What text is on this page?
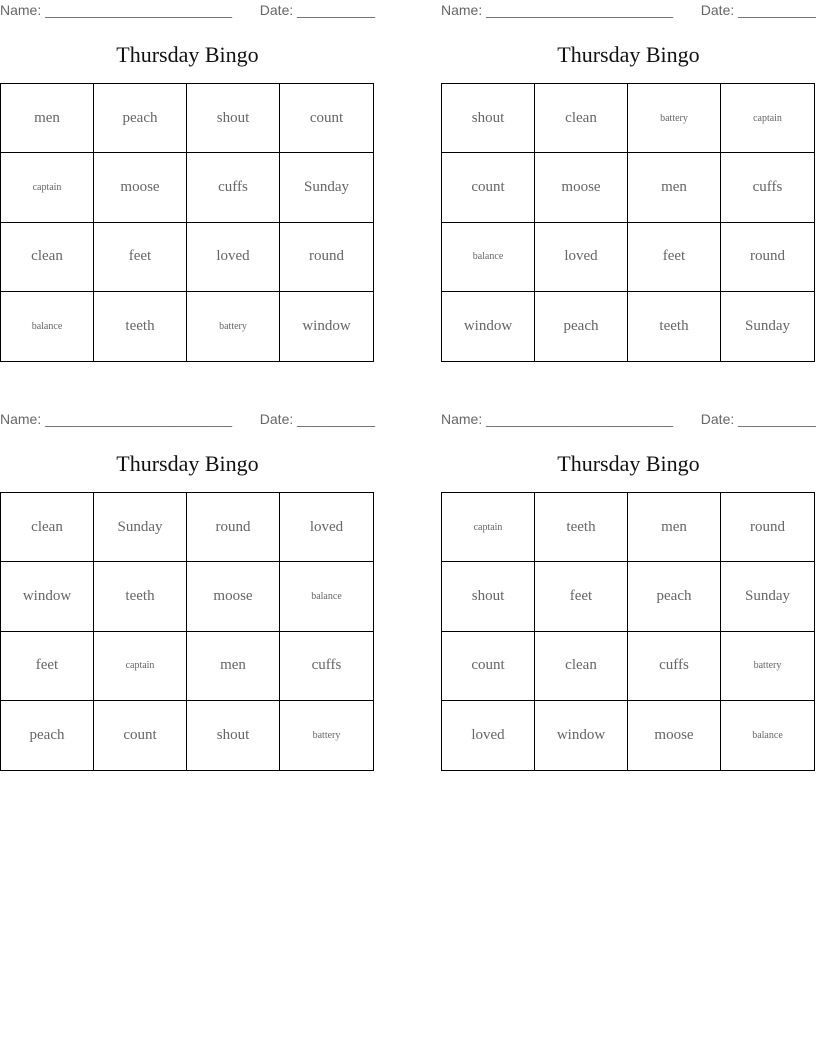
Name: ________________________ Date: __________
Thursday Bingo
men	peach	shout	count
captain	moose	cuffs	Sunday
clean	feet	loved	round
balance	teeth	battery	window
Name: ________________________ Date: __________
Thursday Bingo
shout	clean	battery	captain
count	moose	men	cuffs
balance	loved	feet	round
window	peach	teeth	Sunday
Name: ________________________ Date: __________
Thursday Bingo
clean	Sunday	round	loved
window	teeth	moose	balance
feet	captain	men	cuffs
peach	count	shout	battery
Name: ________________________ Date: __________
Thursday Bingo
captain	teeth	men	round
shout	feet	peach	Sunday
count	clean	cuffs	battery
loved	window	moose	balance
